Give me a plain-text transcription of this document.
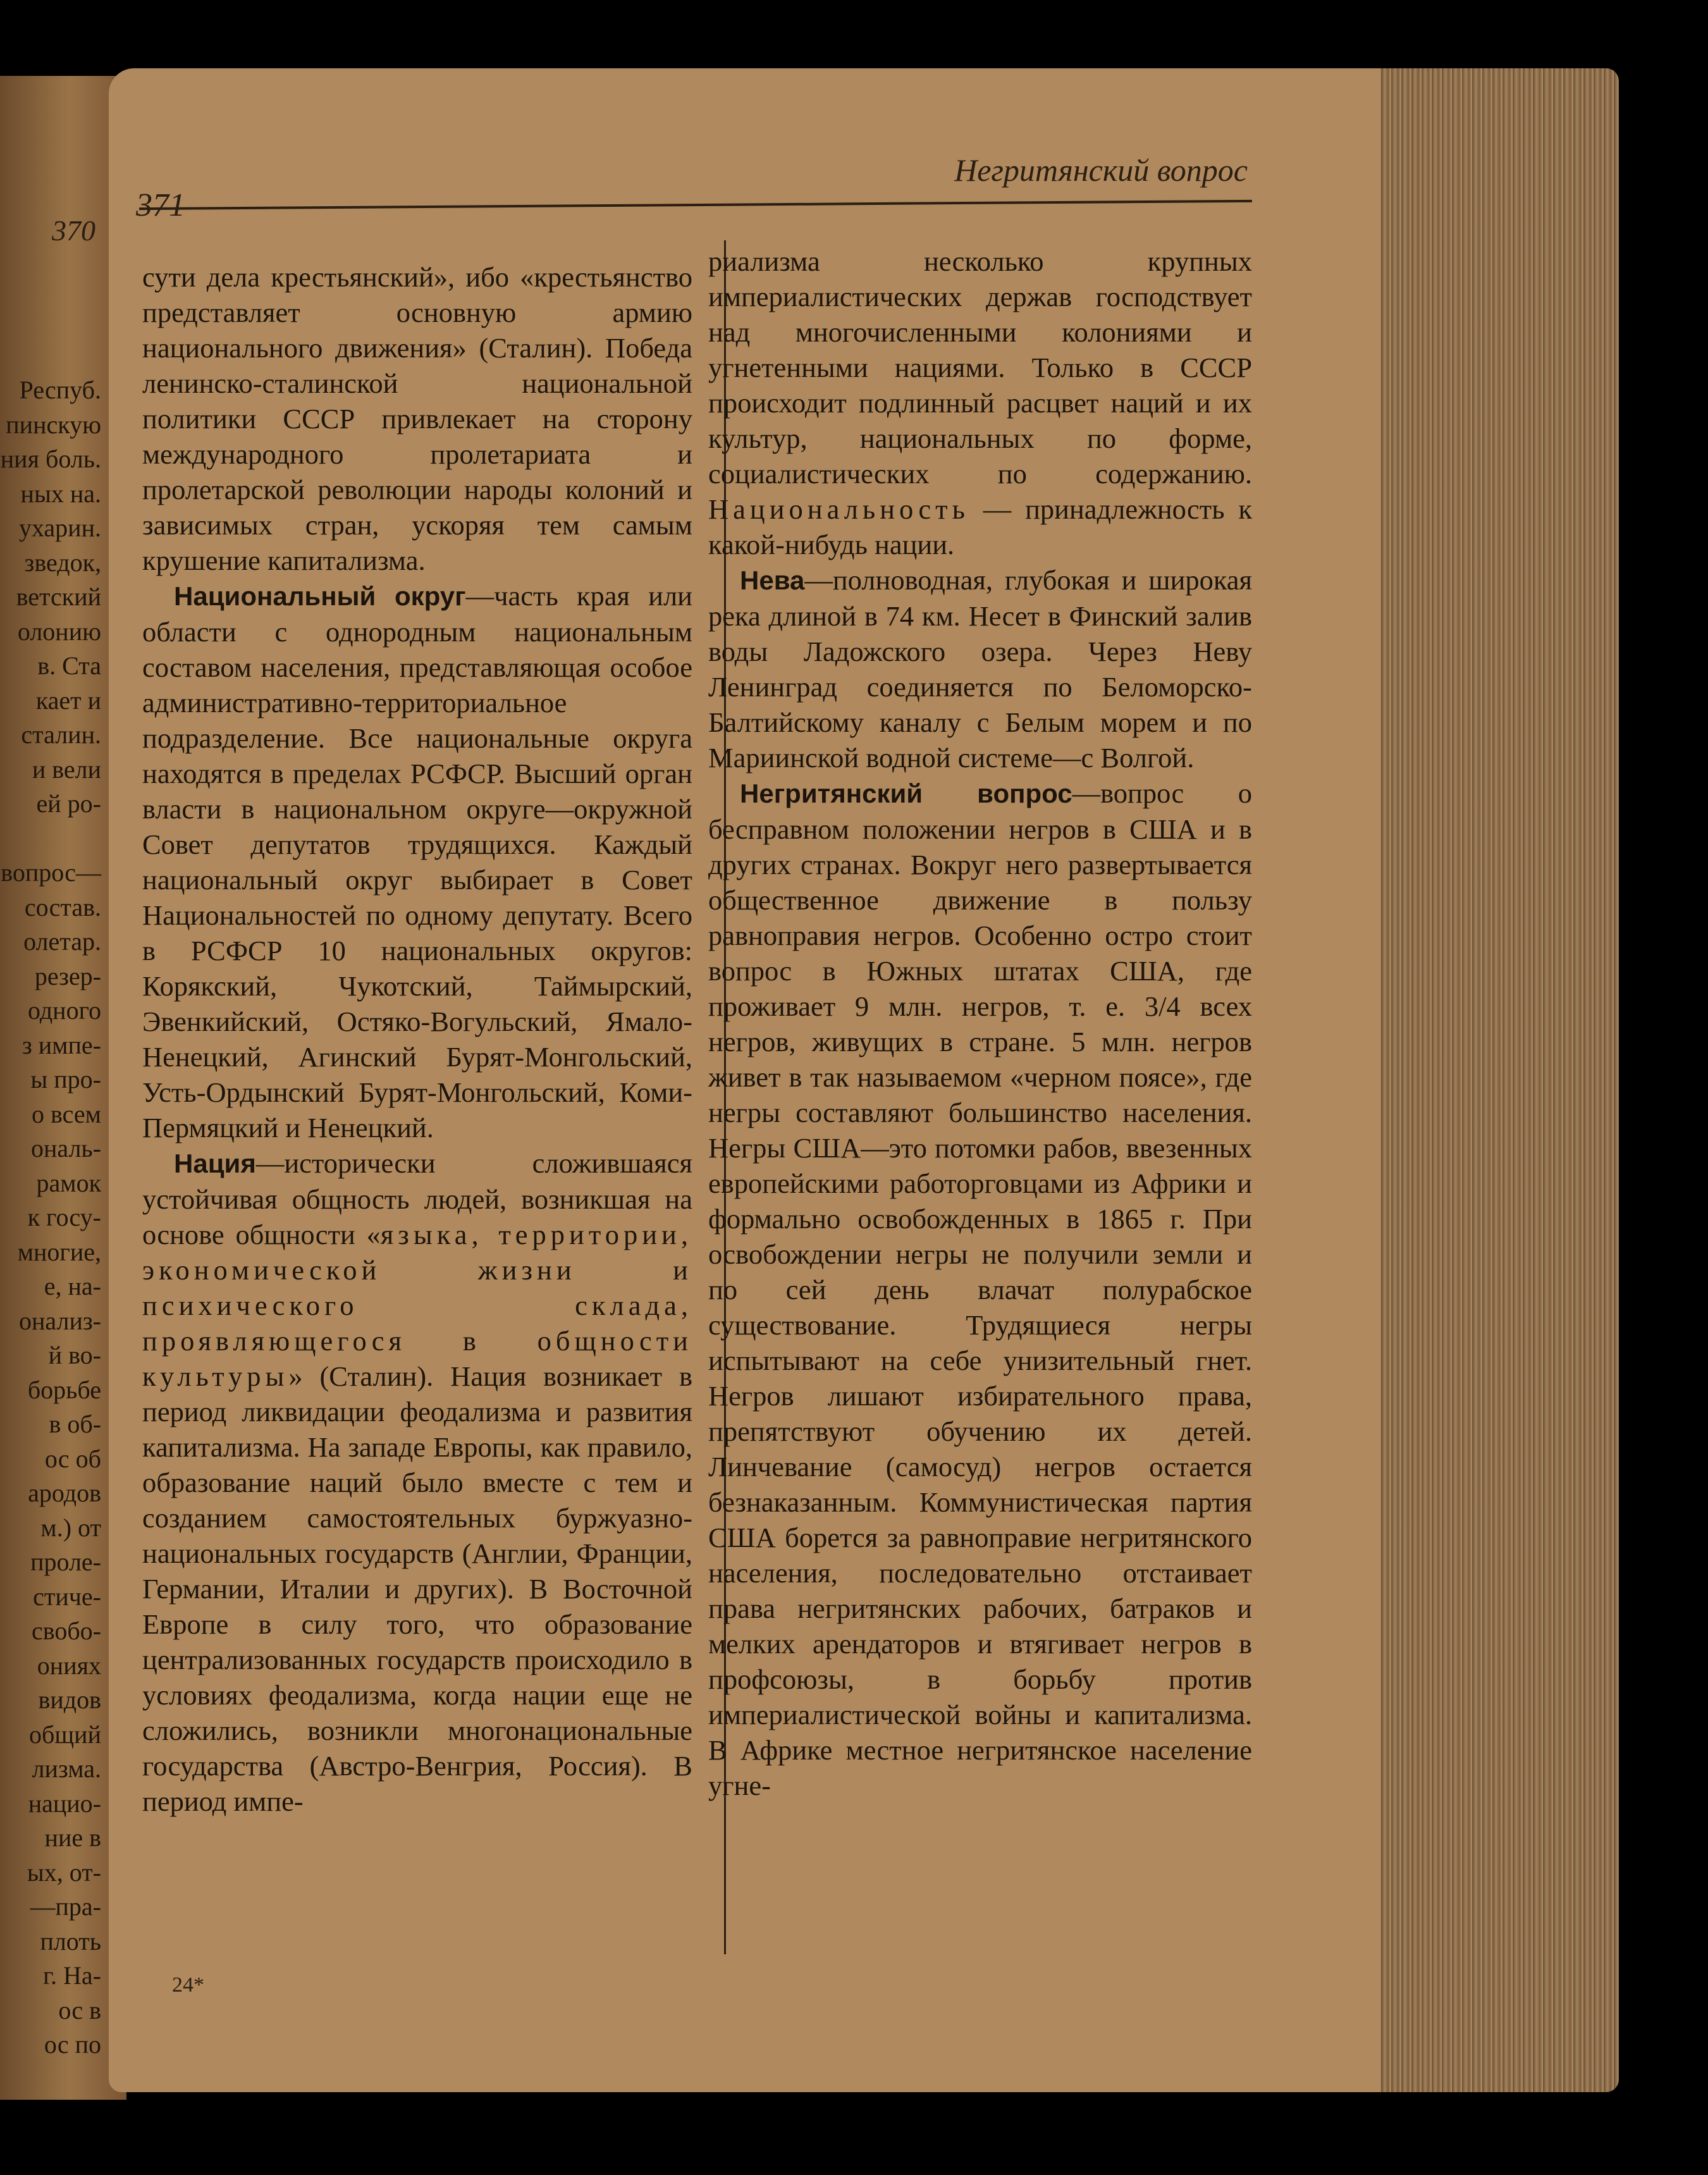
370
Респуб.
пинскую
ния боль.
ных на.
ухарин.
зведок,
ветский
олонию
в. Ста
кает и
сталин.
и вели
ей ро-

вопрос—
состав.
олетар.
резер-
одного
з импе-
ы про-
о всем
ональ-
рамок
к госу-
многие,
е, на-
онализ-
й во-
борьбе
в об-
ос об
ародов
м.) от
проле-
стиче-
свобо-
ониях
видов
общий
лизма.
нацио-
ние в
ых, от-
—пра-
плоть
г. На-
ос в
ос по
371
Негритянский вопрос

сути дела крестьянский», ибо «крестьянство представляет основную армию национального движения» (Сталин). Победа ленинско-сталинской национальной политики СССР привлекает на сторону международного пролетариата и пролетарской революции народы колоний и зависимых стран, ускоряя тем самым крушение капитализма.

Национальный округ—часть края или области с однородным национальным составом населения, представляющая особое административно-территориальное подразделение. Все национальные округа находятся в пределах РСФСР. Высший орган власти в национальном округе—окружной Совет депутатов трудящихся. Каждый национальный округ выбирает в Совет Национальностей по одному депутату. Всего в РСФСР 10 национальных округов: Корякский, Чукотский, Таймырский, Эвенкийский, Остяко-Вогульский, Ямало-Ненецкий, Агинский Бурят-Монгольский, Усть-Ордынский Бурят-Монгольский, Коми-Пермяцкий и Ненецкий.

Нация—исторически сложившаяся устойчивая общность людей, возникшая на основе общности «языка, территории, экономической жизни и психического склада, проявляющегося в общности культуры» (Сталин). Нация возникает в период ликвидации феодализма и развития капитализма. На западе Европы, как правило, образование наций было вместе с тем и созданием самостоятельных буржуазно-национальных государств (Англии, Франции, Германии, Италии и других). В Восточной Европе в силу того, что образование централизованных государств происходило в условиях феодализма, когда нации еще не сложились, возникли многонациональные государства (Австро-Венгрия, Россия). В период импе-

риализма несколько крупных империалистических держав господствует над многочисленными колониями и угнетенными нациями. Только в СССР происходит подлинный расцвет наций и их культур, национальных по форме, социалистических по содержанию. Национальность — принадлежность к какой-нибудь нации.

Нева—полноводная, глубокая и широкая река длиной в 74 км. Несет в Финский залив воды Ладожского озера. Через Неву Ленинград соединяется по Беломорско-Балтийскому каналу с Белым морем и по Мариинской водной системе—с Волгой.

Негритянский вопрос—вопрос о бесправном положении негров в США и в других странах. Вокруг него развертывается общественное движение в пользу равноправия негров. Особенно остро стоит вопрос в Южных штатах США, где проживает 9 млн. негров, т. е. 3/4 всех негров, живущих в стране. 5 млн. негров живет в так называемом «черном поясе», где негры составляют большинство населения. Негры США—это потомки рабов, ввезенных европейскими работорговцами из Африки и формально освобожденных в 1865 г. При освобождении негры не получили земли и по сей день влачат полурабское существование. Трудящиеся негры испытывают на себе унизительный гнет. Негров лишают избирательного права, препятствуют обучению их детей. Линчевание (самосуд) негров остается безнаказанным. Коммунистическая партия США борется за равноправие негритянского населения, последовательно отстаивает права негритянских рабочих, батраков и мелких арендаторов и втягивает негров в профсоюзы, в борьбу против империалистической войны и капитализма. В Африке местное негритянское население угне-

24*
